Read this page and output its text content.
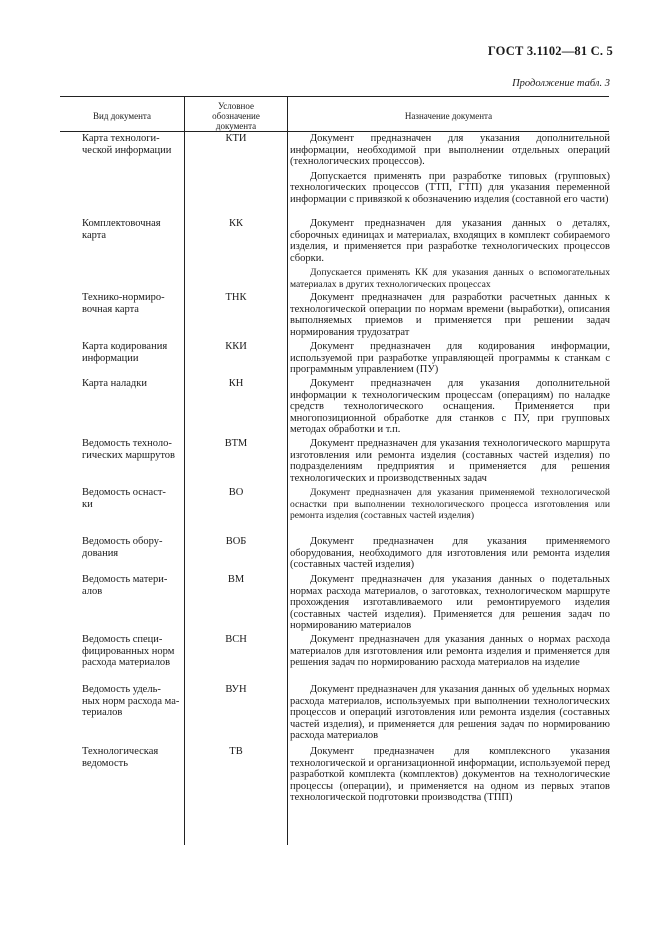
ГОСТ 3.1102—81 С. 5
Продолжение табл. 3
Вид документа
Условное обозначение документа
Назначение документа
Карта технологи-
ческой информации
КТИ	Документ предназначен для указания дополнительной информации, необходимой при выполнении отдельных операций (технологических процессов).

Допускается применять при разработке типовых (групповых) технологических процессов (ТТП, ГТП) для указания переменной информации с привязкой к обозначению изделия (составной его части)

Комплектовочная
карта
КК	Документ предназначен для указания данных о деталях, сборочных единицах и материалах, входящих в комплект собираемого изделия, и применяется при разработке технологических процессов сборки.

Допускается применять КК для указания данных о вспомогательных материалах в других технологических процессах

Технико-нормиро-
вочная карта
ТНК	Документ предназначен для разработки расчетных данных к технологической операции по нормам времени (выработки), описания выполняемых приемов и применяется при решении задач нормирования трудозатрат

Карта кодирования
информации
ККИ	Документ предназначен для кодирования информации, используемой при разработке управляющей программы к станкам с программным управлением (ПУ)

Карта наладки	КН	Документ предназначен для указания дополнительной информации к технологическим процессам (операциям) по наладке средств технологического оснащения. Применяется при многопозиционной обработке для станков с ПУ, при групповых методах обработки и т.п.

Ведомость техноло-
гических маршрутов
ВТМ	Документ предназначен для указания технологического маршрута изготовления или ремонта изделия (составных частей изделия) по подразделениям предприятия и применяется для решения технологических и производственных задач

Ведомость оснаст-
ки
ВО	Документ предназначен для указания применяемой технологической оснастки при выполнении технологического процесса изготовления или ремонта изделия (составных частей изделия)

Ведомость обору-
дования
ВОБ	Документ предназначен для указания применяемого оборудования, необходимого для изготовления или ремонта изделия (составных частей изделия)

Ведомость матери-
алов
ВМ	Документ предназначен для указания данных о подетальных нормах расхода материалов, о заготовках, технологическом маршруте прохождения изготавливаемого или ремонтируемого изделия (составных частей изделия). Применяется для решения задач по нормированию материалов

Ведомость специ-
фицированных норм
расхода материалов
ВСН	Документ предназначен для указания данных о нормах расхода материалов для изготовления или ремонта изделия и применяется для решения задач по нормированию расхода материалов на изделие

Ведомость удель-
ных норм расхода ма-
териалов
ВУН	Документ предназначен для указания данных об удельных нормах расхода материалов, используемых при выполнении технологических процессов и операций изготовления или ремонта изделия (составных частей изделия), и применяется для решения задач по нормированию расхода материалов

Технологическая
ведомость
ТВ	Документ предназначен для комплексного указания технологической и организационной информации, используемой перед разработкой комплекта (комплектов) документов на технологические процессы (операции), и применяется на одном из первых этапов технологической подготовки производства (ТПП)
